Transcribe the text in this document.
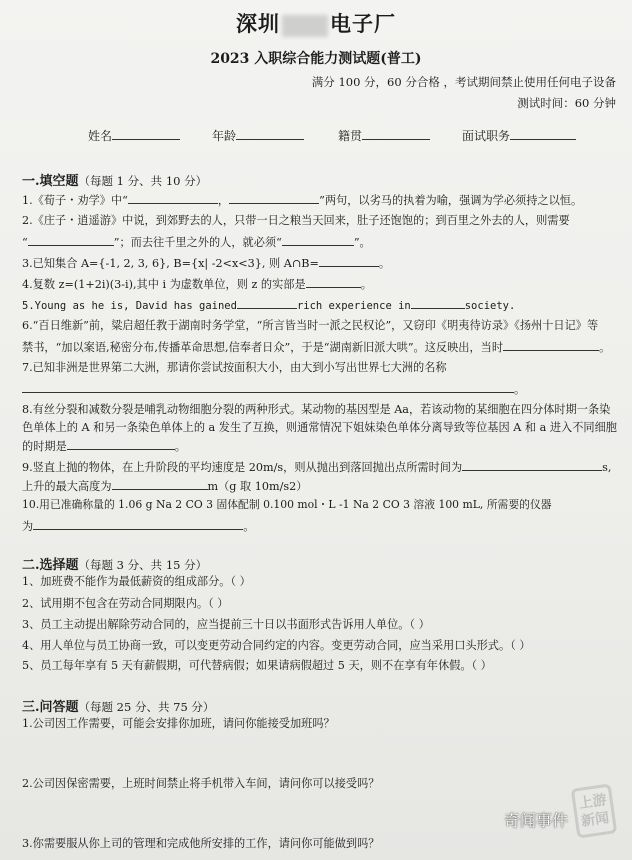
深圳 电子厂
2023 入职综合能力测试题(普工)
满分 100 分，60 分合格 ，考试期间禁止使用任何电子设备
测试时间：60 分钟
姓名	年龄	籍贯	面试职务
一.填空题（每题 1 分、共 10 分）
1.《荀子・劝学》中“	，	”两句，以劣马的执着为喻，强调为学必须持之以恒。
2.《庄子・逍遥游》中说，到郊野去的人，只带一日之粮当天回来，肚子还饱饱的；到百里之外去的人，则需要
“	”；而去往千里之外的人，就必须“	”。
3.已知集合 A={-1, 2, 3, 6}, B={x| -2<x<3}, 则 A∩B=	。
4.复数 z=(1+2i)(3-i),其中 i 为虚数单位，则 z 的实部是	。
5.Young as he is, David has gained	rich experience in	society.
6.“百日维新”前，粱启超任教于湖南时务学堂，“所言皆当时一派之民权论”，又窃印《明夷待访录》《扬州十日记》等
禁书，“加以案语,秘密分布,传播革命思想,信奉者日众”，于是“湖南新旧派大哄”。这反映出，当时	。
7.已知非洲是世界第二大洲，那请你尝试按面积大小，由大到小写出世界七大洲的名称
。
8.有丝分裂和减数分裂是哺乳动物细胞分裂的两种形式。某动物的基因型是 Aa，若该动物的某细胞在四分体时期一条染
色单体上的 A 和另一条染色单体上的 a 发生了互换，则通常情况下姐妹染色单体分离导致等位基因 A 和 a 进入不同细胞
的时期是	。
9.竖直上抛的物体，在上升阶段的平均速度是 20m/s，则从抛出到落回抛出点所需时间为	s,
上升的最大高度为	m（g 取 10m/s2）
10.用已准确称量的 1.06 g Na 2 CO 3 固体配制 0.100 mol・L -1 Na 2 CO 3 溶液 100 mL, 所需要的仪器
为	。
二.选择题（每题 3 分、共 15 分）
1、加班费不能作为最低薪资的组成部分。（ ）
2、试用期不包含在劳动合同期限内。（ ）
3、员工主动提出解除劳动合同的，应当提前三十日以书面形式告诉用人单位。（ ）
4、用人单位与员工协商一致，可以变更劳动合同约定的内容。变更劳动合同，应当采用口头形式。（ ）
5、员工每年享有 5 天有薪假期，可代替病假；如果请病假超过 5 天，则不在享有年休假。（ ）
三.问答题（每题 25 分、共 75 分）
1.公司因工作需要，可能会安排你加班，请问你能接受加班吗？
2.公司因保密需要，上班时间禁止将手机带入车间，请问你可以接受吗？
3.你需要服从你上司的管理和完成他所安排的工作，请问你可能做到吗？
上游
新闻
奇闻事件
